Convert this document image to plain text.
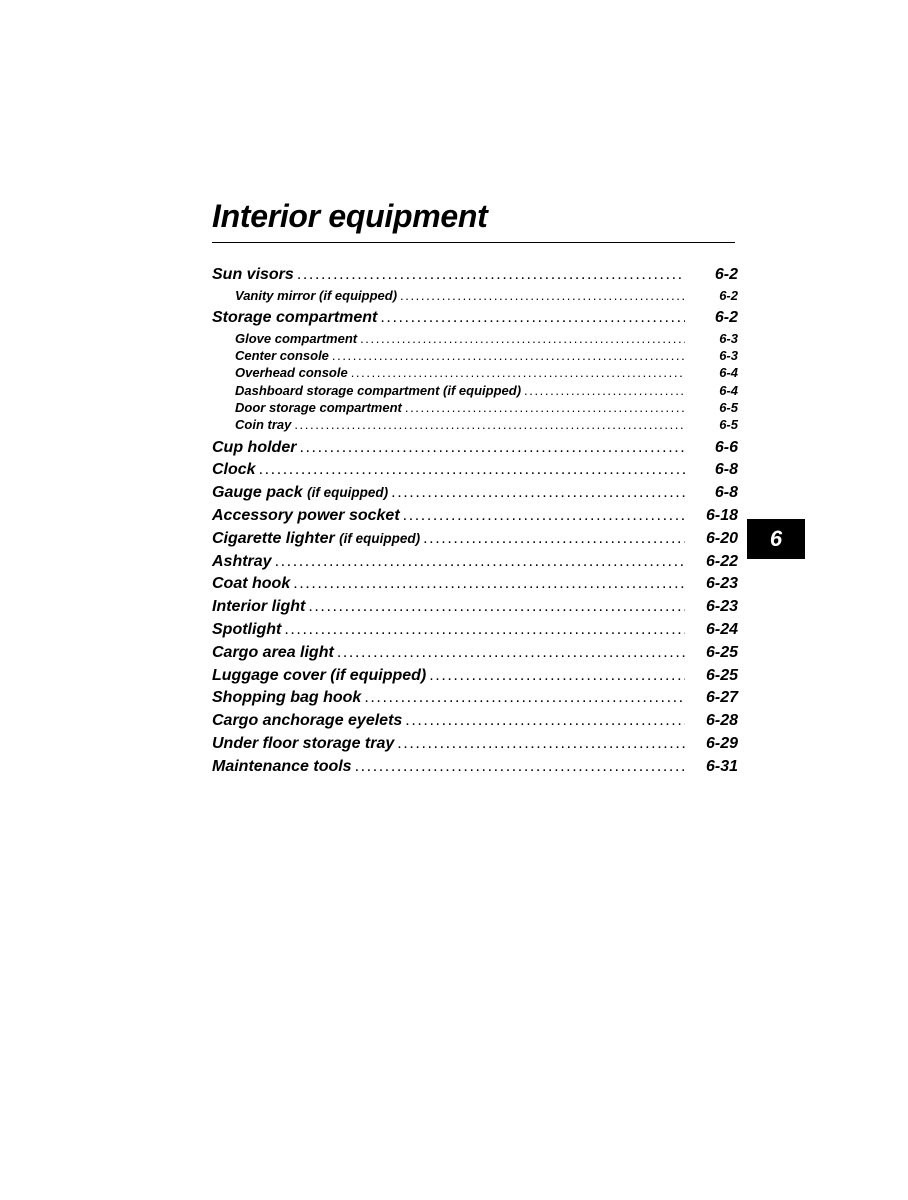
Interior equipment
Sun visors .....	6-2
Vanity mirror (if equipped) .....	6-2
Storage compartment .....	6-2
Glove compartment .....	6-3
Center console .....	6-3
Overhead console .....	6-4
Dashboard storage compartment (if equipped) .....	6-4
Door storage compartment .....	6-5
Coin tray .....	6-5
Cup holder .....	6-6
Clock .....	6-8
Gauge pack (if equipped) .....	6-8
Accessory power socket .....	6-18
Cigarette lighter (if equipped) .....	6-20
Ashtray .....	6-22
Coat hook .....	6-23
Interior light .....	6-23
Spotlight .....	6-24
Cargo area light .....	6-25
Luggage cover (if equipped) .....	6-25
Shopping bag hook .....	6-27
Cargo anchorage eyelets .....	6-28
Under floor storage tray .....	6-29
Maintenance tools .....	6-31
6
